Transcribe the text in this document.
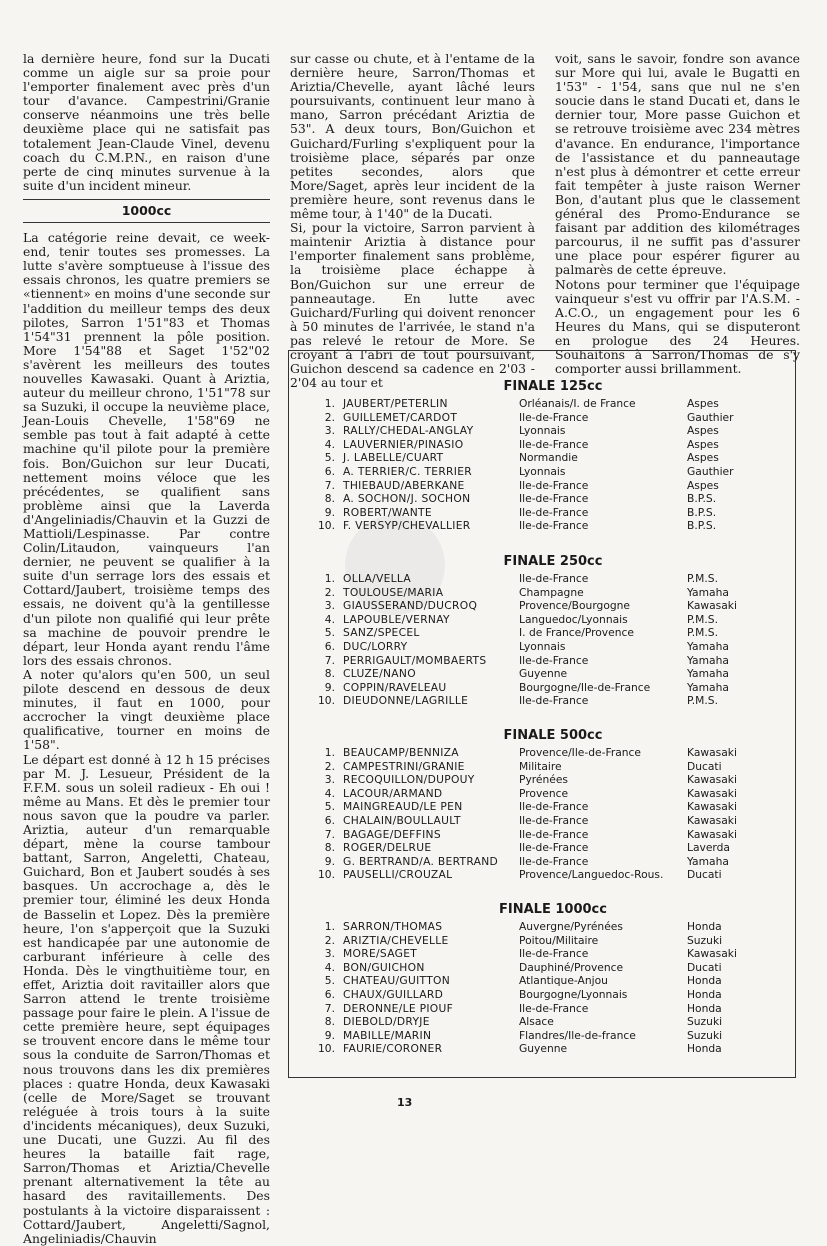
la dernière heure, fond sur la Ducati comme un aigle sur sa proie pour l'emporter finalement avec près d'un tour d'avance. Campestrini/Granie conserve néanmoins une très belle deuxième place qui ne satisfait pas totalement Jean-Claude Vinel, devenu coach du C.M.P.N., en raison d'une perte de cinq minutes survenue à la suite d'un incident mineur.

1000cc

La catégorie reine devait, ce week-end, tenir toutes ses promesses. La lutte s'avère somptueuse à l'issue des essais chronos, les quatre premiers se «tiennent» en moins d'une seconde sur l'addition du meilleur temps des deux pilotes, Sarron 1'51"83 et Thomas 1'54"31 prennent la pôle position. More 1'54"88 et Saget 1'52"02 s'avèrent les meilleurs des toutes nouvelles Kawasaki. Quant à Ariztia, auteur du meilleur chrono, 1'51"78 sur sa Suzuki, il occupe la neuvième place, Jean-Louis Chevelle, 1'58"69 ne semble pas tout à fait adapté à cette machine qu'il pilote pour la première fois. Bon/Guichon sur leur Ducati, nettement moins véloce que les précédentes, se qualifient sans problème ainsi que la Laverda d'Angeliniadis/Chauvin et la Guzzi de Mattioli/Lespinasse. Par contre Colin/Litaudon, vainqueurs l'an dernier, ne peuvent se qualifier à la suite d'un serrage lors des essais et Cottard/Jaubert, troisième temps des essais, ne doivent qu'à la gentillesse d'un pilote non qualifié qui leur prête sa machine de pouvoir prendre le départ, leur Honda ayant rendu l'âme lors des essais chronos.

A noter qu'alors qu'en 500, un seul pilote descend en dessous de deux minutes, il faut en 1000, pour accrocher la vingt deuxième place qualificative, tourner en moins de 1'58".

Le départ est donné à 12 h 15 précises par M. J. Lesueur, Président de la F.F.M. sous un soleil radieux - Eh oui ! même au Mans. Et dès le premier tour nous savon que la poudre va parler. Ariztia, auteur d'un remarquable départ, mène la course tambour battant, Sarron, Angeletti, Chateau, Guichard, Bon et Jaubert soudés à ses basques. Un accrochage a, dès le premier tour, éliminé les deux Honda de Basselin et Lopez. Dès la première heure, l'on s'apperçoit que la Suzuki est handicapée par une autonomie de carburant inférieure à celle des Honda. Dès le vingthuitième tour, en effet, Ariztia doit ravitailler alors que Sarron attend le trente troisième passage pour faire le plein. A l'issue de cette première heure, sept équipages se trouvent encore dans le même tour sous la conduite de Sarron/Thomas et nous trouvons dans les dix premières places : quatre Honda, deux Kawasaki (celle de More/Saget se trouvant reléguée à trois tours à la suite d'incidents mécaniques), deux Suzuki, une Ducati, une Guzzi. Au fil des heures la bataille fait rage, Sarron/Thomas et Ariztia/Chevelle prenant alternativement la tête au hasard des ravitaillements. Des postulants à la victoire disparaissent : Cottard/Jaubert, Angeletti/Sagnol, Angeliniadis/Chauvin

sur casse ou chute, et à l'entame de la dernière heure, Sarron/Thomas et Ariztia/Chevelle, ayant lâché leurs poursuivants, continuent leur mano à mano, Sarron précédant Ariztia de 53". A deux tours, Bon/Guichon et Guichard/Furling s'expliquent pour la troisième place, séparés par onze petites secondes, alors que More/Saget, après leur incident de la première heure, sont revenus dans le même tour, à 1'40" de la Ducati.

Si, pour la victoire, Sarron parvient à maintenir Ariztia à distance pour l'emporter finalement sans problème, la troisième place échappe à Bon/Guichon sur une erreur de panneautage. En lutte avec Guichard/Furling qui doivent renoncer à 50 minutes de l'arrivée, le stand n'a pas relevé le retour de More. Se croyant à l'abri de tout poursuivant, Guichon descend sa cadence en 2'03 - 2'04 au tour et

voit, sans le savoir, fondre son avance sur More qui lui, avale le Bugatti en 1'53" - 1'54, sans que nul ne s'en soucie dans le stand Ducati et, dans le dernier tour, More passe Guichon et se retrouve troisième avec 234 mètres d'avance. En endurance, l'importance de l'assistance et du panneautage n'est plus à démontrer et cette erreur fait tempêter à juste raison Werner Bon, d'autant plus que le classement général des Promo-Endurance se faisant par addition des kilométrages parcourus, il ne suffit pas d'assurer une place pour espérer figurer au palmarès de cette épreuve.

Notons pour terminer que l'équipage vainqueur s'est vu offrir par l'A.S.M. - A.C.O., un engagement pour les 6 Heures du Mans, qui se disputeront en prologue des 24 Heures. Souhaitons à Sarron/Thomas de s'y comporter aussi brillamment.

FINALE 125cc
1. JAUBERT/PETERLIN	Orléanais/I. de France	Aspes
2. GUILLEMET/CARDOT	Ile-de-France	Gauthier
3. RALLY/CHEDAL-ANGLAY	Lyonnais	Aspes
4. LAUVERNIER/PINASIO	Ile-de-France	Aspes
5. J. LABELLE/CUART	Normandie	Aspes
6. A. TERRIER/C. TERRIER	Lyonnais	Gauthier
7. THIEBAUD/ABERKANE	Ile-de-France	Aspes
8. A. SOCHON/J. SOCHON	Ile-de-France	B.P.S.
9. ROBERT/WANTE	Ile-de-France	B.P.S.
10. F. VERSYP/CHEVALLIER	Ile-de-France	B.P.S.
FINALE 250cc
1. OLLA/VELLA	Ile-de-France	P.M.S.
2. TOULOUSE/MARIA	Champagne	Yamaha
3. GIAUSSERAND/DUCROQ	Provence/Bourgogne	Kawasaki
4. LAPOUBLE/VERNAY	Languedoc/Lyonnais	P.M.S.
5. SANZ/SPECEL	I. de France/Provence	P.M.S.
6. DUC/LORRY	Lyonnais	Yamaha
7. PERRIGAULT/MOMBAERTS	Ile-de-France	Yamaha
8. CLUZE/NANO	Guyenne	Yamaha
9. COPPIN/RAVELEAU	Bourgogne/Ile-de-France	Yamaha
10. DIEUDONNE/LAGRILLE	Ile-de-France	P.M.S.
FINALE 500cc
1. BEAUCAMP/BENNIZA	Provence/Ile-de-France	Kawasaki
2. CAMPESTRINI/GRANIE	Militaire	Ducati
3. RECOQUILLON/DUPOUY	Pyrénées	Kawasaki
4. LACOUR/ARMAND	Provence	Kawasaki
5. MAINGREAUD/LE PEN	Ile-de-France	Kawasaki
6. CHALAIN/BOULLAULT	Ile-de-France	Kawasaki
7. BAGAGE/DEFFINS	Ile-de-France	Kawasaki
8. ROGER/DELRUE	Ile-de-France	Laverda
9. G. BERTRAND/A. BERTRAND	Ile-de-France	Yamaha
10. PAUSELLI/CROUZAL	Provence/Languedoc-Rous.	Ducati
FINALE 1000cc
1. SARRON/THOMAS	Auvergne/Pyrénées	Honda
2. ARIZTIA/CHEVELLE	Poitou/Militaire	Suzuki
3. MORE/SAGET	Ile-de-France	Kawasaki
4. BON/GUICHON	Dauphiné/Provence	Ducati
5. CHATEAU/GUITTON	Atlantique-Anjou	Honda
6. CHAUX/GUILLARD	Bourgogne/Lyonnais	Honda
7. DERONNE/LE PIOUF	Ile-de-France	Honda
8. DIEBOLD/DRYJE	Alsace	Suzuki
9. MABILLE/MARIN	Flandres/Ile-de-france	Suzuki
10. FAURIE/CORONER	Guyenne	Honda
13
